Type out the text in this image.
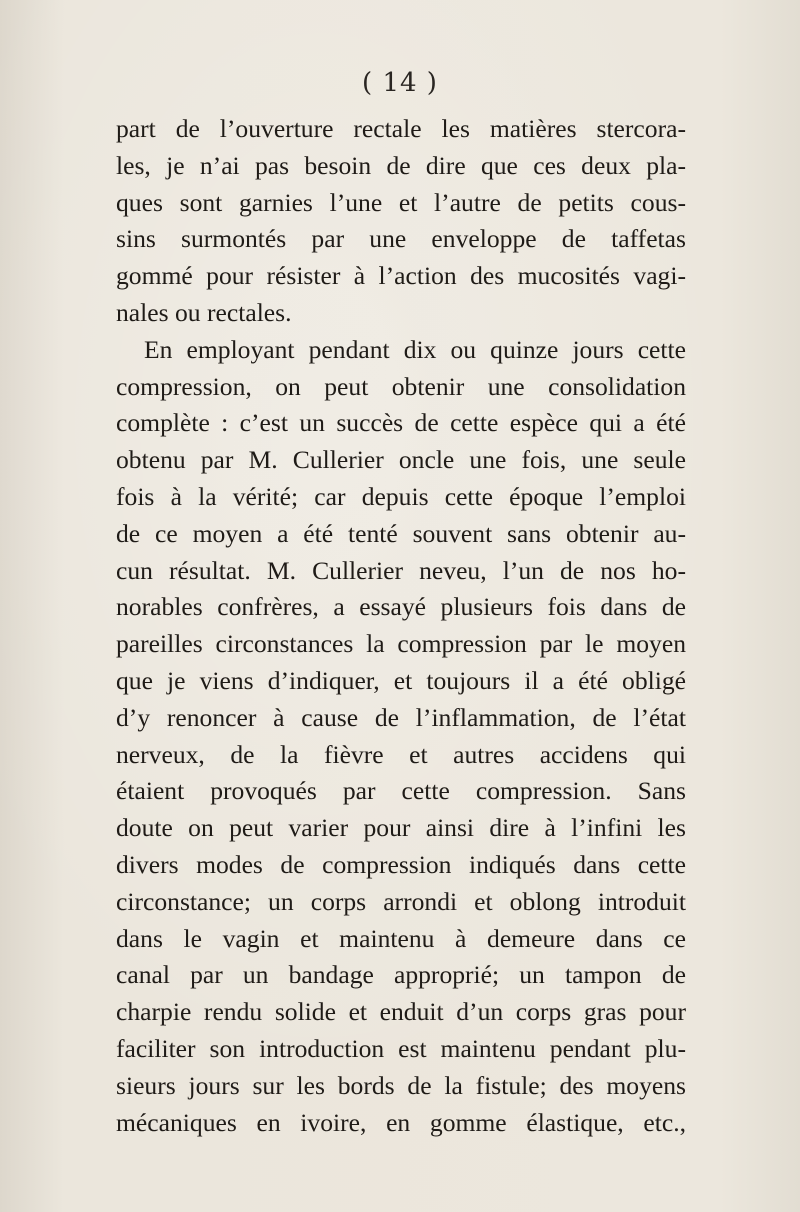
( 14 )
part de l’ouverture rectale les matières stercora-
les, je n’ai pas besoin de dire que ces deux pla-
ques sont garnies l’une et l’autre de petits cous-
sins surmontés par une enveloppe de taffetas
gommé pour résister à l’action des mucosités vagi-
nales ou rectales.
En employant pendant dix ou quinze jours cette
compression, on peut obtenir une consolidation
complète : c’est un succès de cette espèce qui a été
obtenu par M. Cullerier oncle une fois, une seule
fois à la vérité; car depuis cette époque l’emploi
de ce moyen a été tenté souvent sans obtenir au-
cun résultat. M. Cullerier neveu, l’un de nos ho-
norables confrères, a essayé plusieurs fois dans de
pareilles circonstances la compression par le moyen
que je viens d’indiquer, et toujours il a été obligé
d’y renoncer à cause de l’inflammation, de l’état
nerveux, de la fièvre et autres accidens qui
étaient provoqués par cette compression. Sans
doute on peut varier pour ainsi dire à l’infini les
divers modes de compression indiqués dans cette
circonstance; un corps arrondi et oblong introduit
dans le vagin et maintenu à demeure dans ce
canal par un bandage approprié; un tampon de
charpie rendu solide et enduit d’un corps gras pour
faciliter son introduction est maintenu pendant plu-
sieurs jours sur les bords de la fistule; des moyens
mécaniques en ivoire, en gomme élastique, etc.,
